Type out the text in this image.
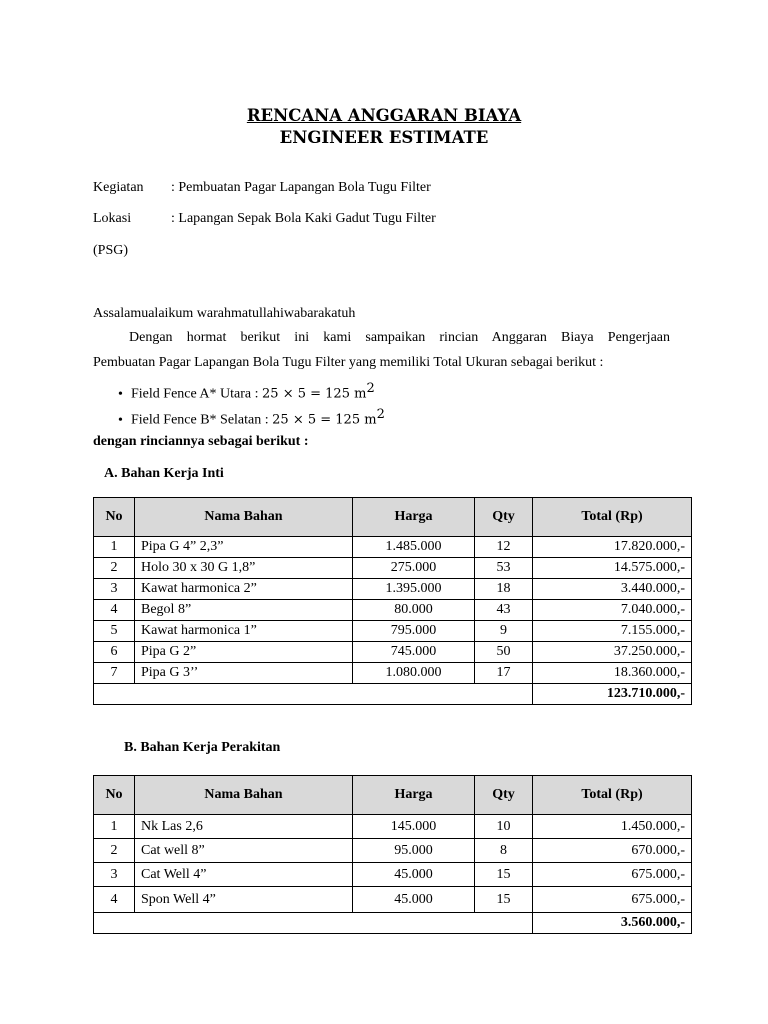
RENCANA ANGGARAN BIAYA
ENGINEER ESTIMATE
Kegiatan : Pembuatan Pagar Lapangan Bola Tugu Filter
Lokasi	: Lapangan Sepak Bola Kaki Gadut Tugu Filter
(PSG)
Assalamualaikum warahmatullahiwabarakatuh
Dengan hormat berikut ini kami sampaikan rincian Anggaran Biaya Pengerjaan
Pembuatan Pagar Lapangan Bola Tugu Filter yang memiliki Total Ukuran sebagai berikut :
• Field Fence A* Utara : 25 × 5 = 125 $m^2$
• Field Fence B* Selatan : 25 × 5 = 125 $m^2$
dengan rinciannya sebagai berikut :
A. Bahan Kerja Inti
No	Nama Bahan	Harga	Qty	Total (Rp)
1	Pipa G 4” 2,3”	1.485.000	12	17.820.000,-
2	Holo 30 x 30 G 1,8”	275.000	53	14.575.000,-
3	Kawat harmonica 2”	1.395.000	18	3.440.000,-
4	Begol 8”	80.000	43	7.040.000,-
5	Kawat harmonica 1”	795.000	9	7.155.000,-
6	Pipa G 2”	745.000	50	37.250.000,-
7	Pipa G 3’’	1.080.000	17	18.360.000,-
				123.710.000,-
B. Bahan Kerja Perakitan
No	Nama Bahan	Harga	Qty	Total (Rp)
1	Nk Las 2,6	145.000	10	1.450.000,-
2	Cat well 8”	95.000	8	670.000,-
3	Cat Well 4”	45.000	15	675.000,-
4	Spon Well 4”	45.000	15	675.000,-
				3.560.000,-
